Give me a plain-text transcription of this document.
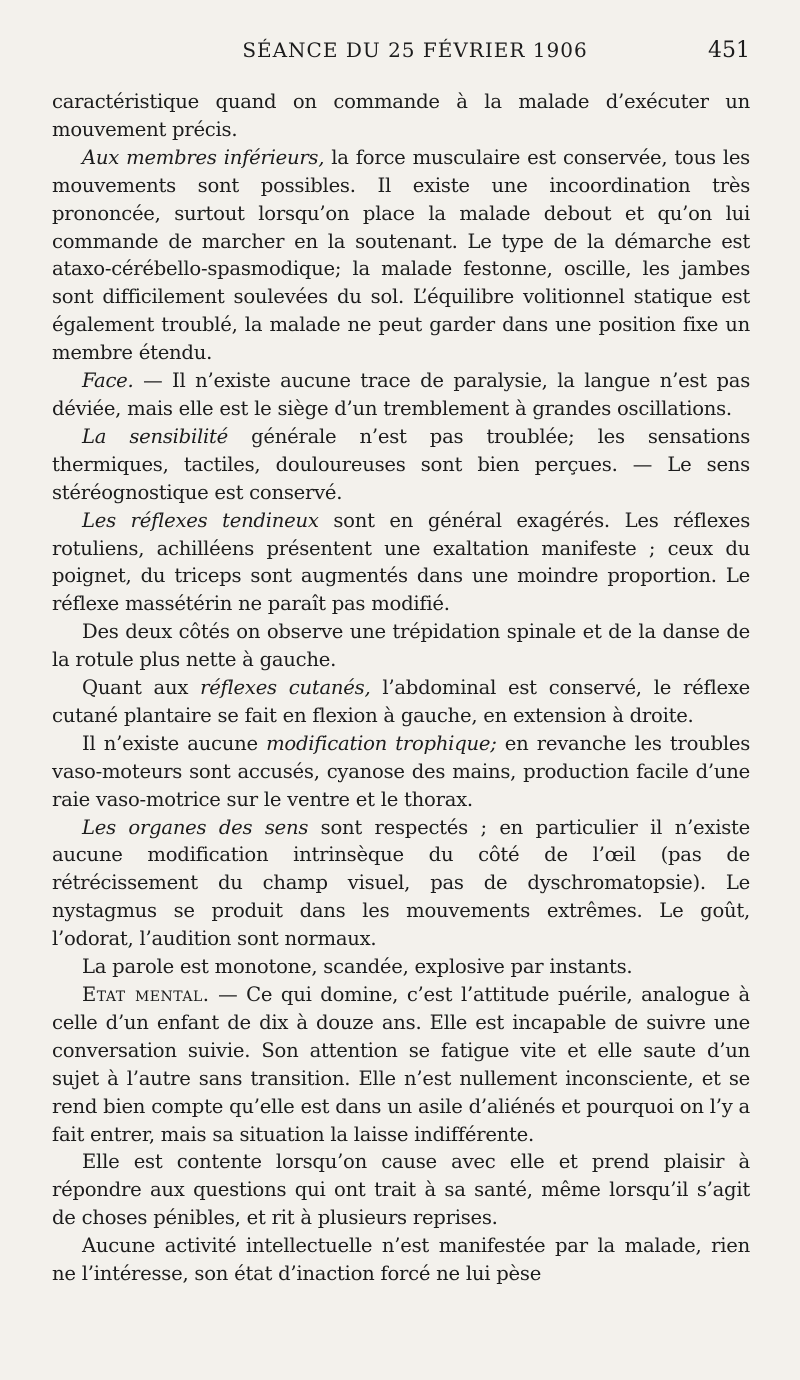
SÉANCE DU 25 FÉVRIER 1906	451

caractéristique quand on commande à la malade d’exécuter un mouvement précis.

Aux membres inférieurs, la force musculaire est conservée, tous les mouvements sont possibles. Il existe une incoordination très prononcée, surtout lorsqu’on place la malade debout et qu’on lui commande de marcher en la soutenant. Le type de la démarche est ataxo-cérébello-spasmodique; la malade festonne, oscille, les jambes sont difficilement soulevées du sol. L’équilibre volitionnel statique est également troublé, la malade ne peut garder dans une position fixe un membre étendu.

Face. — Il n’existe aucune trace de paralysie, la langue n’est pas déviée, mais elle est le siège d’un tremblement à grandes oscillations.

La sensibilité générale n’est pas troublée; les sensations thermiques, tactiles, douloureuses sont bien perçues. — Le sens stéréognostique est conservé.

Les réflexes tendineux sont en général exagérés. Les réflexes rotuliens, achilléens présentent une exaltation manifeste ; ceux du poignet, du triceps sont augmentés dans une moindre proportion. Le réflexe massétérin ne paraît pas modifié.

Des deux côtés on observe une trépidation spinale et de la danse de la rotule plus nette à gauche.

Quant aux réflexes cutanés, l’abdominal est conservé, le réflexe cutané plantaire se fait en flexion à gauche, en extension à droite.

Il n’existe aucune modification trophique; en revanche les troubles vaso-moteurs sont accusés, cyanose des mains, production facile d’une raie vaso-motrice sur le ventre et le thorax.

Les organes des sens sont respectés ; en particulier il n’existe aucune modification intrinsèque du côté de l’œil (pas de rétrécissement du champ visuel, pas de dyschromatopsie). Le nystagmus se produit dans les mouvements extrêmes. Le goût, l’odorat, l’audition sont normaux.

La parole est monotone, scandée, explosive par instants.

Etat mental. — Ce qui domine, c’est l’attitude puérile, analogue à celle d’un enfant de dix à douze ans. Elle est incapable de suivre une conversation suivie. Son attention se fatigue vite et elle saute d’un sujet à l’autre sans transition. Elle n’est nullement inconsciente, et se rend bien compte qu’elle est dans un asile d’aliénés et pourquoi on l’y a fait entrer, mais sa situation la laisse indifférente.

Elle est contente lorsqu’on cause avec elle et prend plaisir à répondre aux questions qui ont trait à sa santé, même lorsqu’il s’agit de choses pénibles, et rit à plusieurs reprises.

Aucune activité intellectuelle n’est manifestée par la malade, rien ne l’intéresse, son état d’inaction forcé ne lui pèse
